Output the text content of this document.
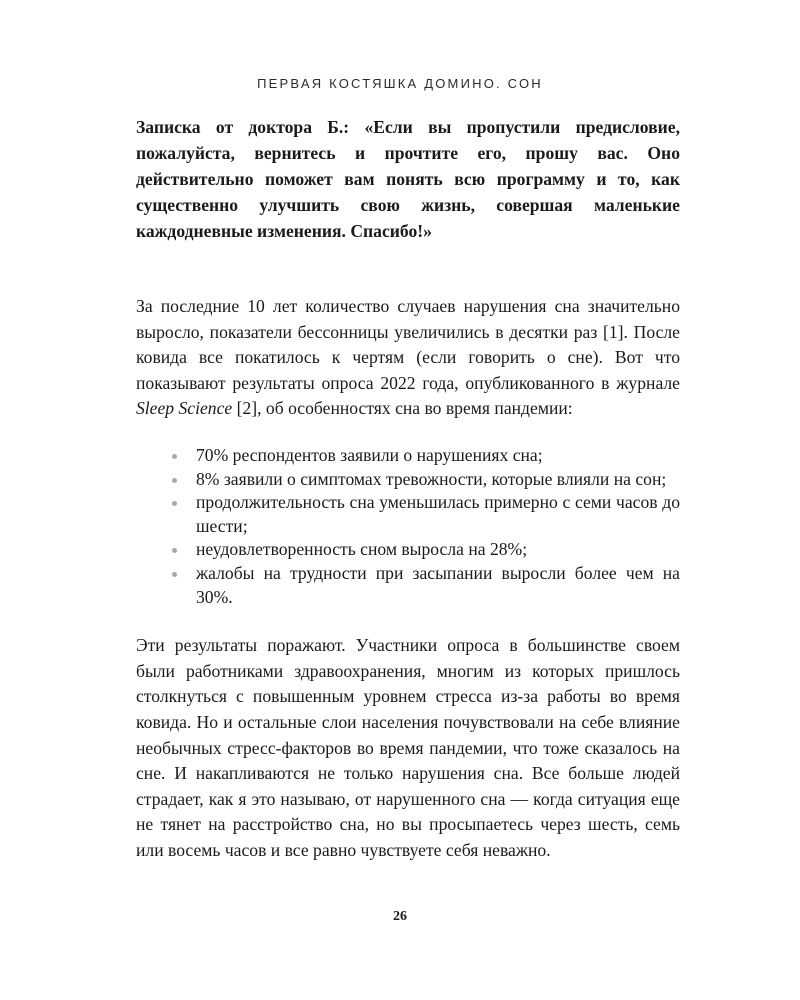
ПЕРВАЯ КОСТЯШКА ДОМИНО. СОН

Записка от доктора Б.: «Если вы пропустили предисловие, пожалуйста, вернитесь и прочтите его, прошу вас. Оно действительно поможет вам понять всю программу и то, как существенно улучшить свою жизнь, совершая маленькие каждодневные изменения. Спасибо!»

За последние 10 лет количество случаев нарушения сна значительно выросло, показатели бессонницы увеличились в десятки раз [1]. После ковида все покатилось к чертям (если говорить о сне). Вот что показывают результаты опроса 2022 года, опубликованного в журнале Sleep Science [2], об особенностях сна во время пандемии:

70% респондентов заявили о нарушениях сна;
8% заявили о симптомах тревожности, которые влияли на сон;
продолжительность сна уменьшилась примерно с семи часов до шести;
неудовлетворенность сном выросла на 28%;
жалобы на трудности при засыпании выросли более чем на 30%.

Эти результаты поражают. Участники опроса в большинстве своем были работниками здравоохранения, многим из которых пришлось столкнуться с повышенным уровнем стресса из-за работы во время ковида. Но и остальные слои населения почувствовали на себе влияние необычных стресс-факторов во время пандемии, что тоже сказалось на сне. И накапливаются не только нарушения сна. Все больше людей страдает, как я это называю, от нарушенного сна — когда ситуация еще не тянет на расстройство сна, но вы просыпаетесь через шесть, семь или восемь часов и все равно чувствуете себя неважно.

26
